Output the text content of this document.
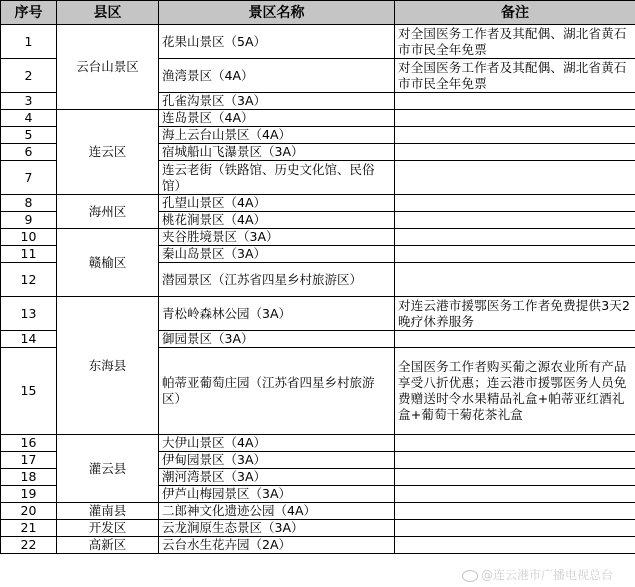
序号	县区	景区名称	备注
1	云台山景区	花果山景区（5A）	对全国医务工作者及其配偶、湖北省黄石市市民全年免票
2		渔湾景区（4A）	对全国医务工作者及其配偶、湖北省黄石市市民全年免票
3		孔雀沟景区（3A）	
4	连云区	连岛景区（4A）	
5		海上云台山景区（4A）	
6		宿城船山飞瀑景区（3A）	
7		连云老街（铁路馆、历史文化馆、民俗馆）	
8	海州区	孔望山景区（4A）	
9		桃花涧景区（4A）	
10	赣榆区	夹谷胜境景区（3A）	
11		秦山岛景区（3A）	
12		潜园景区（江苏省四星乡村旅游区）	
13	东海县	青松岭森林公园（3A）	对连云港市援鄂医务工作者免费提供3天2晚疗休养服务
14		御园景区（3A）	
15		帕蒂亚葡萄庄园（江苏省四星乡村旅游区）	全国医务工作者购买葡之源农业所有产品享受八折优惠；连云港市援鄂医务人员免费赠送时令水果精品礼盒+帕蒂亚红酒礼盒+葡萄干菊花茶礼盒
16	灌云县	大伊山景区（4A）	
17		伊甸园景区（3A）	
18		潮河湾景区（3A）	
19		伊芦山梅园景区（3A）	
20	灌南县	二郎神文化遗迹公园（4A）	
21	开发区	云龙涧原生态景区（3A）	
22	高新区	云台水生花卉园（2A）	
@连云港市广播电视总台
